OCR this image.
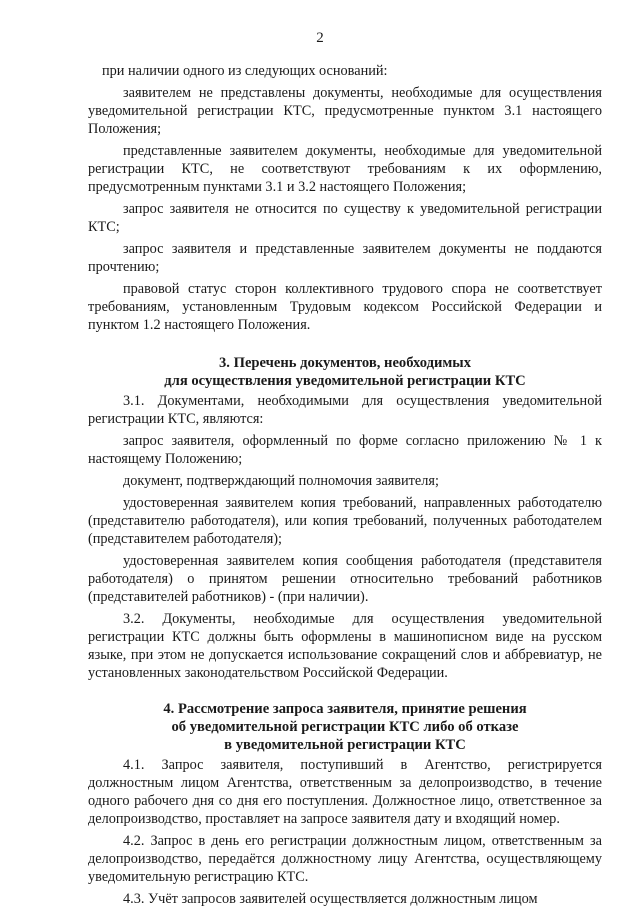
2

при наличии одного из следующих оснований:

заявителем не представлены документы, необходимые для осуществления уведомительной регистрации КТС, предусмотренные пунктом 3.1 настоящего Положения;

представленные заявителем документы, необходимые для уведомительной регистрации КТС, не соответствуют требованиям к их оформлению, предусмотренным пунктами 3.1 и 3.2 настоящего Положения;

запрос заявителя не относится по существу к уведомительной регистрации КТС;

запрос заявителя и представленные заявителем документы не поддаются прочтению;

правовой статус сторон коллективного трудового спора не соответствует требованиям, установленным Трудовым кодексом Российской Федерации и пунктом 1.2 настоящего Положения.

3. Перечень документов, необходимых
для осуществления уведомительной регистрации КТС

3.1. Документами, необходимыми для осуществления уведомительной регистрации КТС, являются:

запрос заявителя, оформленный по форме согласно приложению № 1 к настоящему Положению;

документ, подтверждающий полномочия заявителя;

удостоверенная заявителем копия требований, направленных работодателю (представителю работодателя), или копия требований, полученных работодателем (представителем работодателя);

удостоверенная заявителем копия сообщения работодателя (представителя работодателя) о принятом решении относительно требований работников (представителей работников) - (при наличии).

3.2. Документы, необходимые для осуществления уведомительной регистрации КТС должны быть оформлены в машинописном виде на русском языке, при этом не допускается использование сокращений слов и аббревиатур, не установленных законодательством Российской Федерации.

4. Рассмотрение запроса заявителя, принятие решения
об уведомительной регистрации КТС либо об отказе
в уведомительной регистрации КТС

4.1. Запрос заявителя, поступивший в Агентство, регистрируется должностным лицом Агентства, ответственным за делопроизводство, в течение одного рабочего дня со дня его поступления. Должностное лицо, ответственное за делопроизводство, проставляет на запросе заявителя дату и входящий номер.

4.2. Запрос в день его регистрации должностным лицом, ответственным за делопроизводство, передаётся должностному лицу Агентства, осуществляющему уведомительную регистрацию КТС.

4.3. Учёт запросов заявителей осуществляется должностным лицом
